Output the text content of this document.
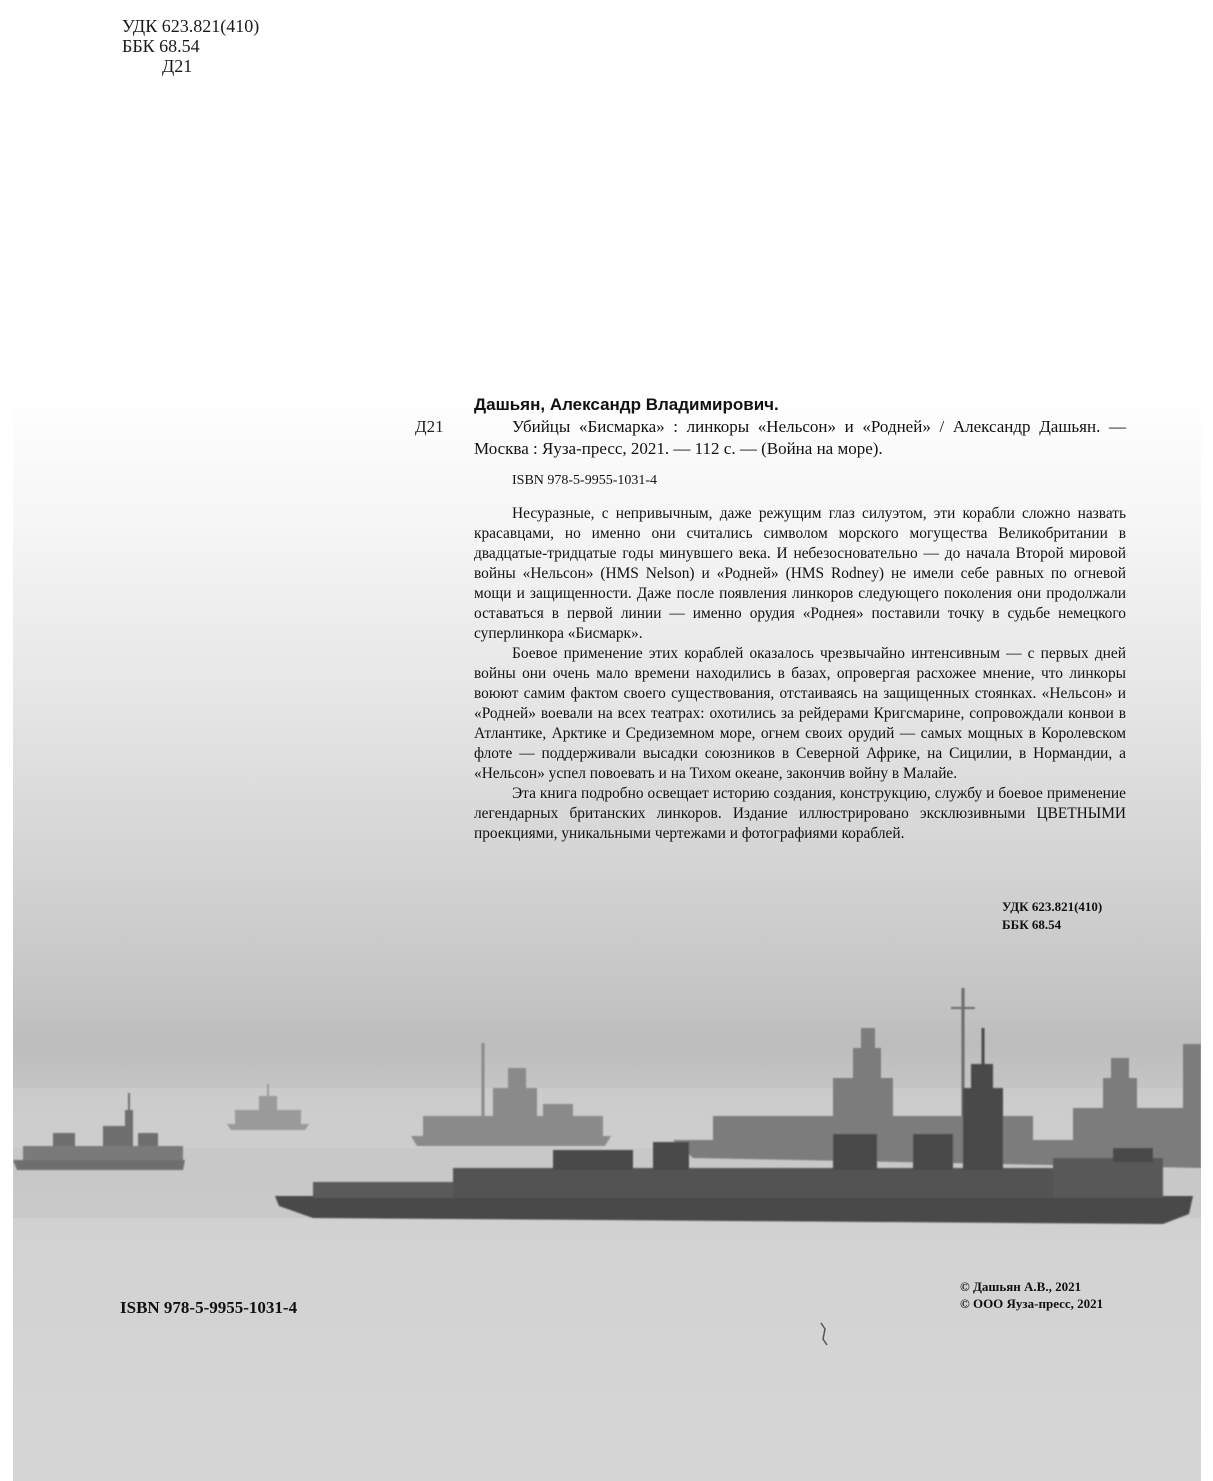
УДК 623.821(410)
ББК 68.54
Д21
Д21
Дашьян, Александр Владимирович.
Убийцы «Бисмарка» : линкоры «Нельсон» и «Родней» / Александр Дашьян. — Москва : Яуза-пресс, 2021. — 112 с. — (Война на море).
ISBN 978-5-9955-1031-4

Несуразные, с непривычным, даже режущим глаз силуэтом, эти корабли сложно назвать красавцами, но именно они считались символом морского могущества Великобритании в двадцатые-тридцатые годы минувшего века. И небезосновательно — до начала Второй мировой войны «Нельсон» (HMS Nelson) и «Родней» (HMS Rodney) не имели себе равных по огневой мощи и защищенности. Даже после появления линкоров следующего поколения они продолжали оставаться в первой линии — именно орудия «Роднея» поставили точку в судьбе немецкого суперлинкора «Бисмарк».

Боевое применение этих кораблей оказалось чрезвычайно интенсивным — с первых дней войны они очень мало времени находились в базах, опровергая расхожее мнение, что линкоры воюют самим фактом своего существования, отстаиваясь на защищенных стоянках. «Нельсон» и «Родней» воевали на всех театрах: охотились за рейдерами Кригсмарине, сопровождали конвои в Атлантике, Арктике и Средиземном море, огнем своих орудий — самых мощных в Королевском флоте — поддерживали высадки союзников в Северной Африке, на Сицилии, в Нормандии, а «Нельсон» успел повоевать и на Тихом океане, закончив войну в Малайе.

Эта книга подробно освещает историю создания, конструкцию, службу и боевое применение легендарных британских линкоров. Издание иллюстрировано эксклюзивными ЦВЕТНЫМИ проекциями, уникальными чертежами и фотографиями кораблей.

УДК 623.821(410)
ББК 68.54
ISBN 978-5-9955-1031-4
© Дашьян А.В., 2021
© ООО Яуза-пресс, 2021
